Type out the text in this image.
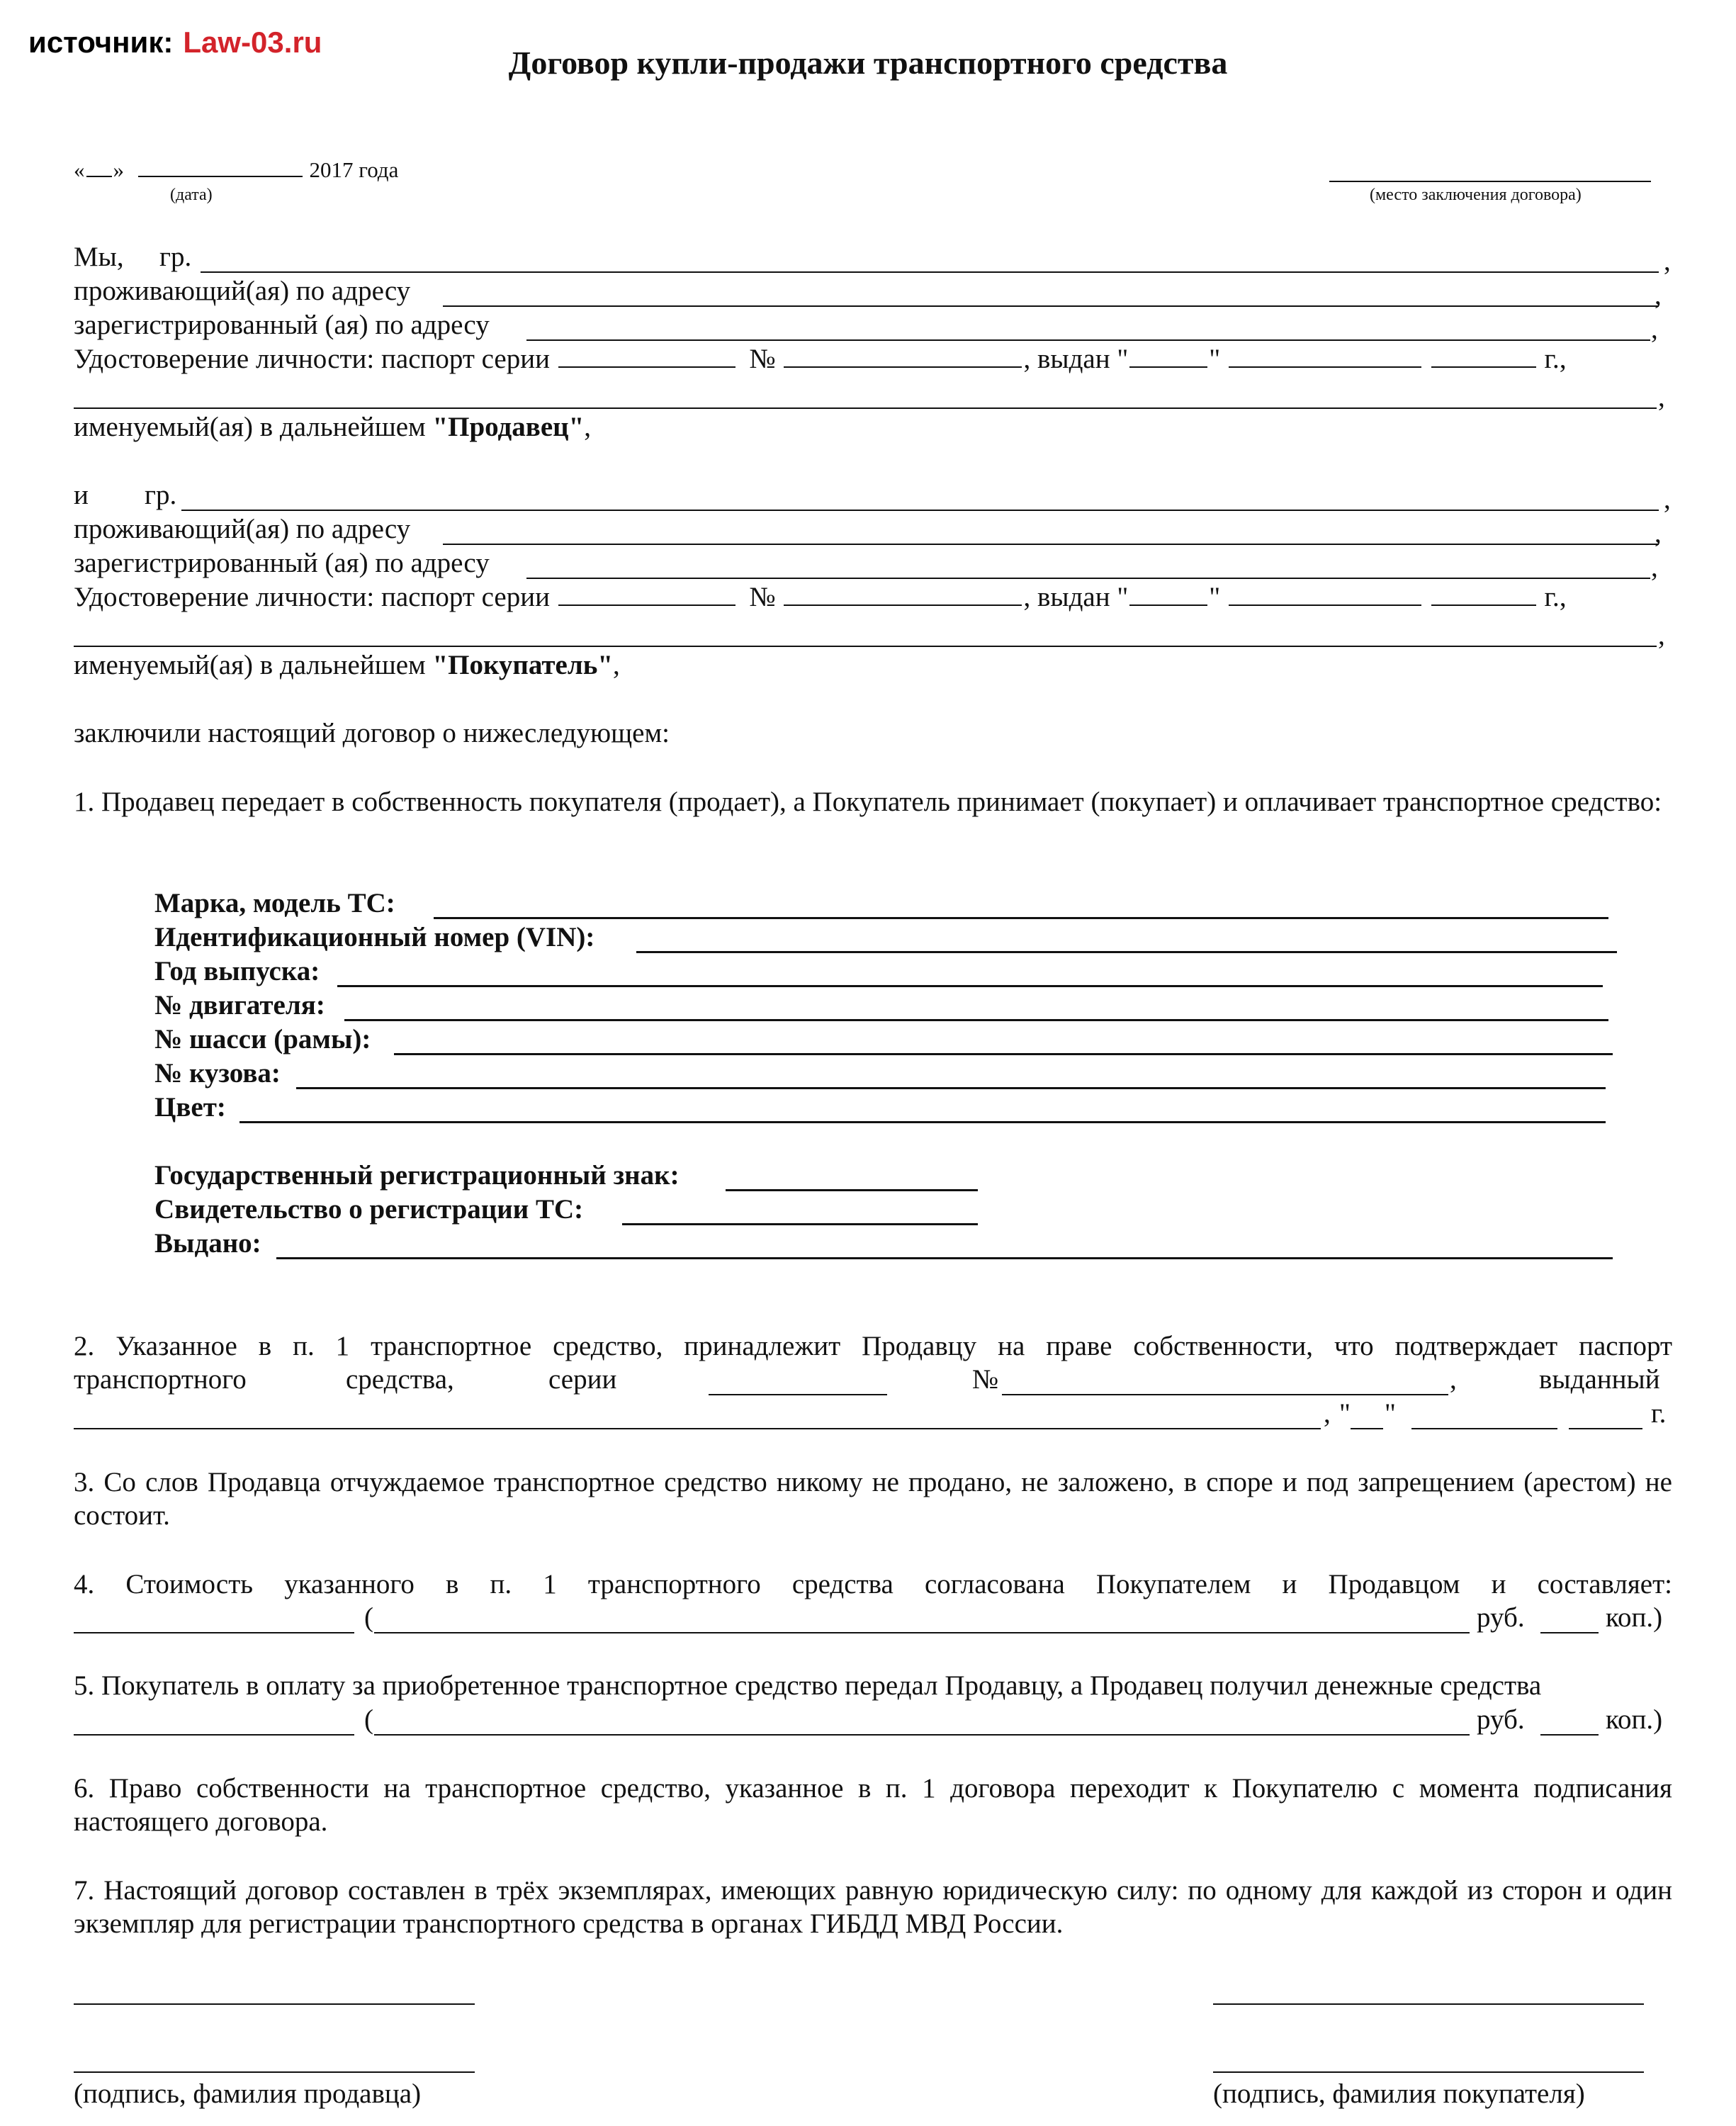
источник: Law-03.ru
Договор купли-продажи транспортного средства
« »	2017 года
(дата)	(место заключения договора)
Мы, гр.	,
проживающий(ая) по адресу	,
зарегистрированный (ая) по адресу	,
Удостоверение личности: паспорт серии	№	, выдан "	"	г.,
,
именуемый(ая) в дальнейшем "Продавец",
и гр.	,
проживающий(ая) по адресу	,
зарегистрированный (ая) по адресу	,
Удостоверение личности: паспорт серии	№	, выдан "	"	г.,
,
именуемый(ая) в дальнейшем "Покупатель",
заключили настоящий договор о нижеследующем:
1. Продавец передает в собственность покупателя (продает), а Покупатель принимает (покупает) и оплачивает транспортное средство:
Марка, модель ТС:
Идентификационный номер (VIN):
Год выпуска:
№ двигателя:
№ шасси (рамы):
№ кузова:
Цвет:
Государственный регистрационный знак:
Свидетельство о регистрации ТС:
Выдано:
2. Указанное в п. 1 транспортное средство, принадлежит Продавцу на праве собственности, что подтверждает паспорт
транспортного	средства,	серии	№	,	выданный
, " "	г.
3. Со слов Продавца отчуждаемое транспортное средство никому не продано, не заложено, в споре и под запрещением (арестом) не состоит.
4. Стоимость указанного в п. 1 транспортного средства согласована Покупателем и Продавцом и составляет:
(	руб.	коп.)
5. Покупатель в оплату за приобретенное транспортное средство передал Продавцу, а Продавец получил денежные средства
(	руб.	коп.)
6. Право собственности на транспортное средство, указанное в п. 1 договора переходит к Покупателю с момента подписания настоящего договора.
7. Настоящий договор составлен в трёх экземплярах, имеющих равную юридическую силу: по одному для каждой из сторон и один экземпляр для регистрации транспортного средства в органах ГИБДД МВД России.
(подпись, фамилия продавца)	(подпись, фамилия покупателя)
